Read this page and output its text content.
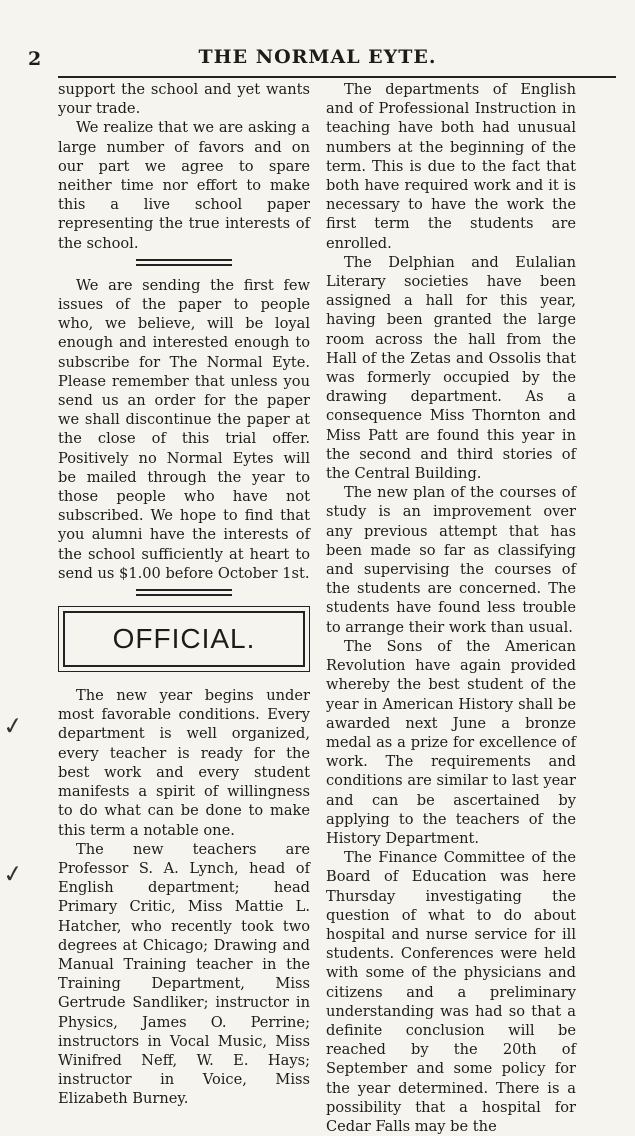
2	THE NORMAL EYTE.
✓
✓

support the school and yet wants your trade.

We realize that we are asking a large number of favors and on our part we agree to spare neither time nor effort to make this a live school paper representing the true interests of the school.

We are sending the first few issues of the paper to people who, we believe, will be loyal enough and interested enough to subscribe for The Normal Eyte. Please remember that unless you send us an order for the paper we shall discontinue the paper at the close of this trial offer. Positively no Normal Eytes will be mailed through the year to those people who have not subscribed. We hope to find that you alumni have the interests of the school sufficiently at heart to send us $1.00 before October 1st.

OFFICIAL.

The new year begins under most favorable conditions. Every department is well organized, every teacher is ready for the best work and every student manifests a spirit of willingness to do what can be done to make this term a notable one.

The new teachers are Professor S. A. Lynch, head of English department; head Primary Critic, Miss Mattie L. Hatcher, who recently took two degrees at Chicago; Drawing and Manual Training teacher in the Training Department, Miss Gertrude Sandliker; instructor in Physics, James O. Perrine; instructors in Vocal Music, Miss Winifred Neff, W. E. Hays; instructor in Voice, Miss Elizabeth Burney.

The departments of English and of Professional Instruction in teaching have both had unusual numbers at the beginning of the term. This is due to the fact that both have required work and it is necessary to have the work the first term the students are enrolled.

The Delphian and Eulalian Literary societies have been assigned a hall for this year, having been granted the large room across the hall from the Hall of the Zetas and Ossolis that was formerly occupied by the drawing department. As a consequence Miss Thornton and Miss Patt are found this year in the second and third stories of the Central Building.

The new plan of the courses of study is an improvement over any previous attempt that has been made so far as classifying and supervising the courses of the students are concerned. The students have found less trouble to arrange their work than usual.

The Sons of the American Revolution have again provided whereby the best student of the year in American History shall be awarded next June a bronze medal as a prize for excellence of work. The requirements and conditions are similar to last year and can be ascertained by applying to the teachers of the History Department.

The Finance Committee of the Board of Education was here Thursday investigating the question of what to do about hospital and nurse service for ill students. Conferences were held with some of the physicians and citizens and a preliminary understanding was had so that a definite conclusion will be reached by the 20th of September and some policy for the year determined. There is a possibility that a hospital for Cedar Falls may be the
